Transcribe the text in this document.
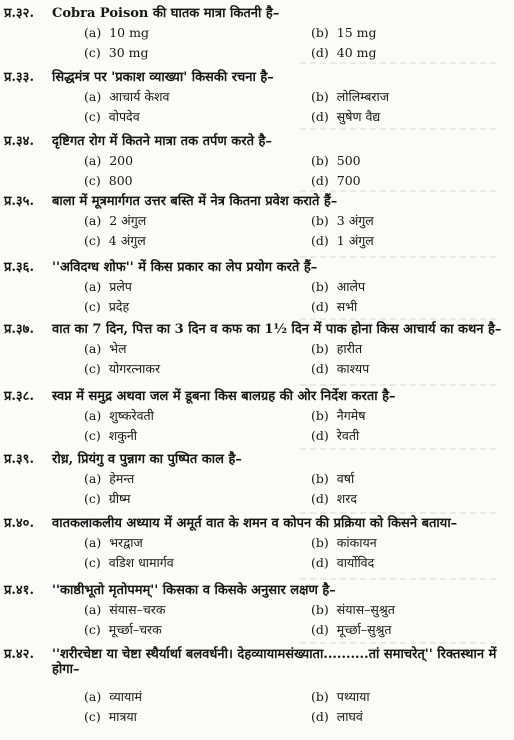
प्र.३२.	Cobra Poison की घातक मात्रा कितनी है–
(a) 10 mg	(b) 15 mg
(c) 30 mg	(d) 40 mg
प्र.३३.	सिद्धमंत्र पर 'प्रकाश व्याख्या' किसकी रचना है–
(a) आचार्य केशव	(b) लोलिम्बराज
(c) वोपदेव	(d) सुषेण वैद्य
प्र.३४.	दृष्टिगत रोग में कितने मात्रा तक तर्पण करते है–
(a) 200	(b) 500
(c) 800	(d) 700
प्र.३५.	बाला में मूत्रमार्गगत उत्तर बस्ति में नेत्र कितना प्रवेश कराते हैं–
(a) 2 अंगुल	(b) 3 अंगुल
(c) 4 अंगुल	(d) 1 अंगुल
प्र.३६.	''अविदग्ध शोफ'' में किस प्रकार का लेप प्रयोग करते हैं–
(a) प्रलेप	(b) आलेप
(c) प्रदेह	(d) सभी
प्र.३७.	वात का 7 दिन, पित्त का 3 दिन व कफ का 1½ दिन में पाक होना किस आचार्य का कथन है–
(a) भेल	(b) हारीत
(c) योगरत्नाकर	(d) काश्यप
प्र.३८.	स्वप्न में समुद्र अथवा जल में डूबना किस बालग्रह की ओर निर्देश करता है–
(a) शुष्करेवती	(b) नैगमेष
(c) शकुनी	(d) रेवती
प्र.३९.	रोध्र, प्रियंगु व पुन्नाग का पुष्पित काल है–
(a) हेमन्त	(b) वर्षा
(c) ग्रीष्म	(d) शरद
प्र.४०.	वातकलाकलीय अध्याय में अमूर्त वात के शमन व कोपन की प्रक्रिया को किसने बताया–
(a) भरद्वाज	(b) कांकायन
(c) वडिश धामार्गव	(d) वार्योविद
प्र.४१.	''काष्ठीभूतो मृतोपमम्'' किसका व किसके अनुसार लक्षण है–
(a) संयास–चरक	(b) संयास–सुश्रुत
(c) मूर्च्छा–चरक	(d) मूर्च्छा–सुश्रुत
प्र.४२.	''शरीरचेष्टा या चेष्टा स्थैर्यार्था बलवर्धनी। देहव्यायामसंख्याता..........तां समाचरेत्'' रिक्तस्थान में होगा–
(a) व्यायामं	(b) पथ्याया
(c) मात्रया	(d) लाघवं
